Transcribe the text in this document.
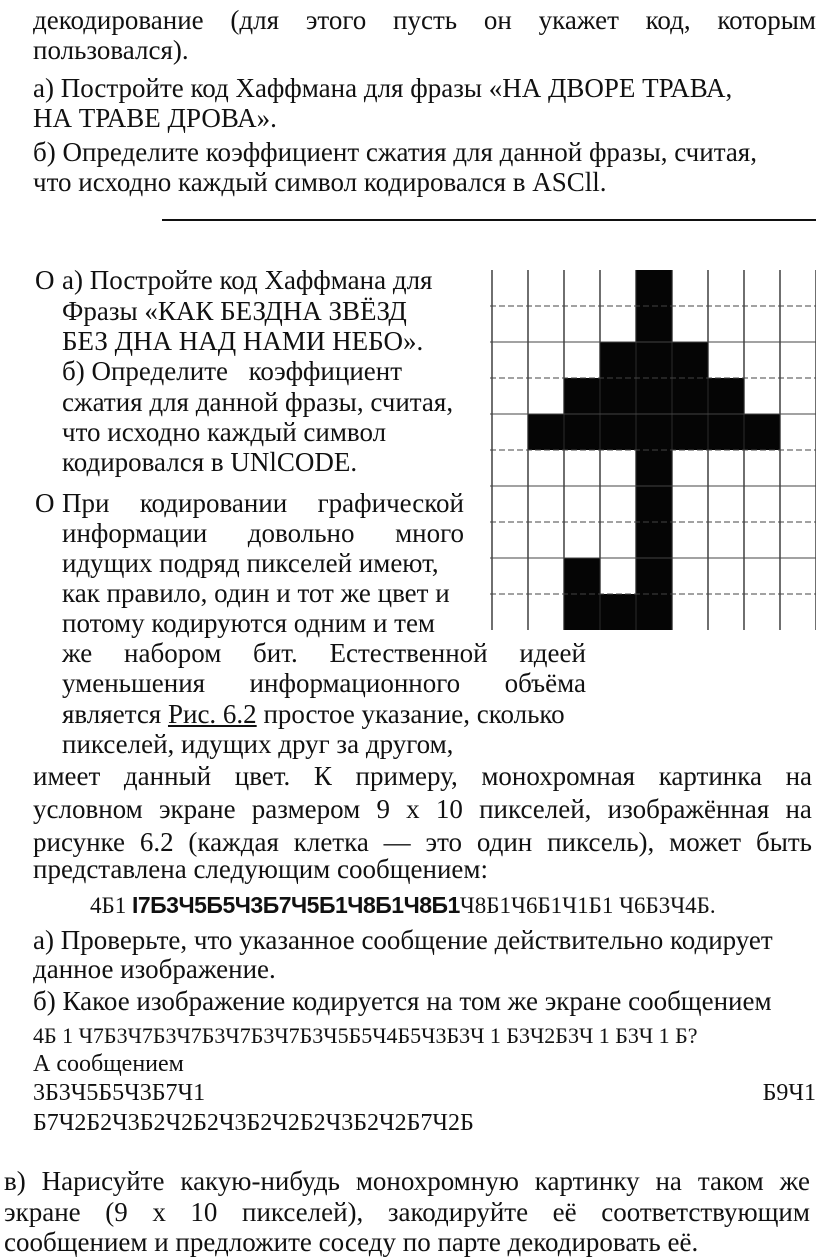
декодирование (для этого пусть он укажет код, которым
пользовался).
а) Постройте код Хаффмана для фразы «НА ДВОРЕ ТРАВА,
НА ТРАВЕ ДРОВА».
б) Определите коэффициент сжатия для данной фразы, считая,
что исходно каждый символ кодировался в ASCll.
О а) Постройте код Хаффмана для
Фразы «КАК БЕЗДНА ЗВЁЗД
БЕЗ ДНА НАД НАМИ НЕБО».
б) Определите коэффициент
сжатия для данной фразы, считая,
что исходно каждый символ
кодировался в UNlCODE.
О При кодировании графической
информации довольно много
идущих подряд пикселей имеют,
как правило, один и тот же цвет и
потому кодируются одним и тем
же набором бит. Естественной идеей
уменьшения информационного объёма
является Рис. 6.2 простое указание, сколько
пикселей, идущих друг за другом,
имеет данный цвет. К примеру, монохромная картинка на
условном экране размером 9 x 10 пикселей, изображённая на
рисунке 6.2 (каждая клетка — это один пиксель), может быть
представлена следующим сообщением:
4Б1 I7Б3Ч5Б5Ч3Б7Ч5Б1Ч8Б1Ч8Б1Ч8Б1Ч6Б1Ч1Б1 Ч6Б3Ч4Б.
а) Проверьте, что указанное сообщение действительно кодирует
данное изображение.
б) Какое изображение кодируется на том же экране сообщением
4Б 1 Ч7Б3Ч7Б3Ч7Б3Ч7Б3Ч7Б3Ч5Б5Ч4Б5Ч3Б3Ч 1 Б3Ч2Б3Ч 1 Б3Ч 1 Б?
А сообщением
3Б3Ч5Б5Ч3Б7Ч1	Б9Ч1
Б7Ч2Б2Ч3Б2Ч2Б2Ч3Б2Ч2Б2Ч3Б2Ч2Б7Ч2Б
в) Нарисуйте какую-нибудь монохромную картинку на таком же
экране (9 x 10 пикселей), закодируйте её соответствующим
сообщением и предложите соседу по парте декодировать её.
